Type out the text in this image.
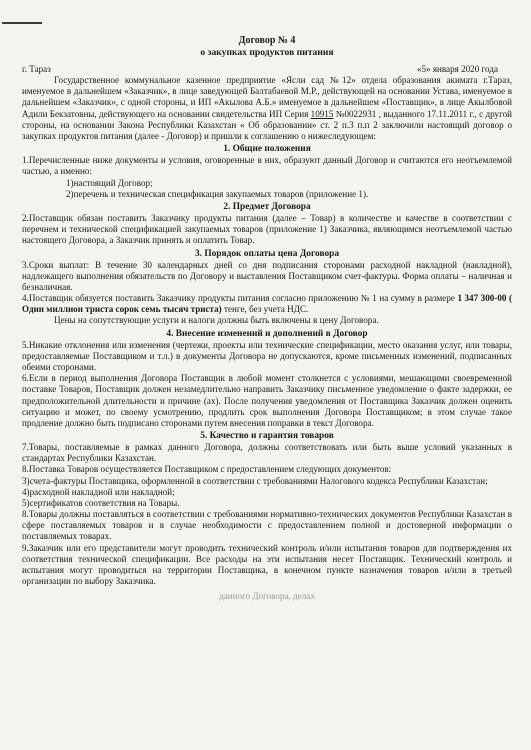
Договор № 4
о закупках продуктов питания
г. Тараз	«5» января 2020 года

Государственное коммунальное казенное предприятие «Ясли сад №12» отдела образования акимата г.Тараз, именуемое в дальнейшем «Заказчик», в лице заведующей Балтабаевой М.Р., действующей на основании Устава, именуемое в дальнейшем «Заказчик», с одной стороны, и ИП «Акылова А.Б.» именуемое в дальнейшем «Поставщик», в лице Акылбовой Адили Бекзатовны, действующего на основании свидетельства ИП Серия 10915 №0022931 , выданного 17.11.2011 г., с другой стороны, на основании Закона Республики Казахстан « Об образовании» ст. 2 п.3 п.п 2 заключили настоящий договор о закупках продуктов питания (далее - Договор) и пришли к соглашению о нижеследующем:

1. Общие положения

1.Перечисленные ниже документы и условия, оговоренные в них, образуют данный Договор и считаются его неотъемлемой частью, а именно:

1)настоящий Договор;

2)перечень и техническая спецификация закупаемых товаров (приложение 1).

2. Предмет Договора

2.Поставщик обязан поставить Заказчику продукты питания (далее – Товар) в количестве и качестве в соответствии с перечнем и технической спецификацией закупаемых товаров (приложение 1) Заказчика, являющимся неотъемлемой частью настоящего Договора, а Заказчик принять и оплатить Товар.

3. Порядок оплаты цена Договора

3.Сроки выплат: В течение 30 календарных дней со дня подписания сторонами расходной накладной (накладной), надлежащего выполнения обязательств по Договору и выставления Поставщиком счет-фактуры. Форма оплаты – наличная и безналичная.

4.Поставщик обязуется поставить Заказчику продукты питания согласно приложению № 1 на сумму в размере 1 347 300-00 ( Один миллион триста сорок семь тысяч триста) тенге, без учета НДС.

Цены на сопутствующие услуги и налоги должны быть включены в цену Договора.

4. Внесение изменений и дополнений в Договор

5.Никакие отклонения или изменения (чертежи, проекты или технические спецификации, место оказания услуг, или товары, предоставляемые Поставщиком и т.л.) в документы Договора не допускаются, кроме письменных изменений, подписанных обеими сторонами.

6.Если в период выполнения Договора Поставщик в любой момент столкнется с условиями, мешающими своевременной поставке Товаров, Поставщик должен незамедлительно направить Заказчику письменное уведомление о факте задержки, ее предположительной длительности и причине (ах). После получения уведомления от Поставщика Заказчик должен оценить ситуацию и может, по своему усмотрению, продлить срок выполнения Договора Поставщиком; в этом случае такое продление должно быть подписано сторонами путем внесения поправки в текст Договора.

5. Качество и гарантия товаров

7.Товары, поставляемые в рамках данного Договора, должны соответствовать или быть выше условий указанных в стандартах Республики Казахстан.

8.Поставка Товаров осуществляется Поставщиком с предоставлением следующих документов:

3)счета-фактуры Поставщика, оформленной в соответствии с требованиями Налогового кодекса Республики Казахстан;

4)расходной накладной или накладной;

5)сертификатов соответствия на Товары.

8.Товары должны поставляться в соответствии с требованиями нормативно-технических документов Республики Казахстан в сфере поставляемых товаров и в случае необходимости с предоставлением полной и достоверной информации о поставляемых товарах.

9.Заказчик или его представители могут проводить технический контроль и/или испытания товаров для подтверждения их соответствия технической спецификации. Все расходы на эти испытания несет Поставщик. Технический контроль и испытания могут проводиться на территории Поставщика, в конечном пункте назначения товаров и/или в третьей организации по выбору Заказчика.

данного Договора, делах
